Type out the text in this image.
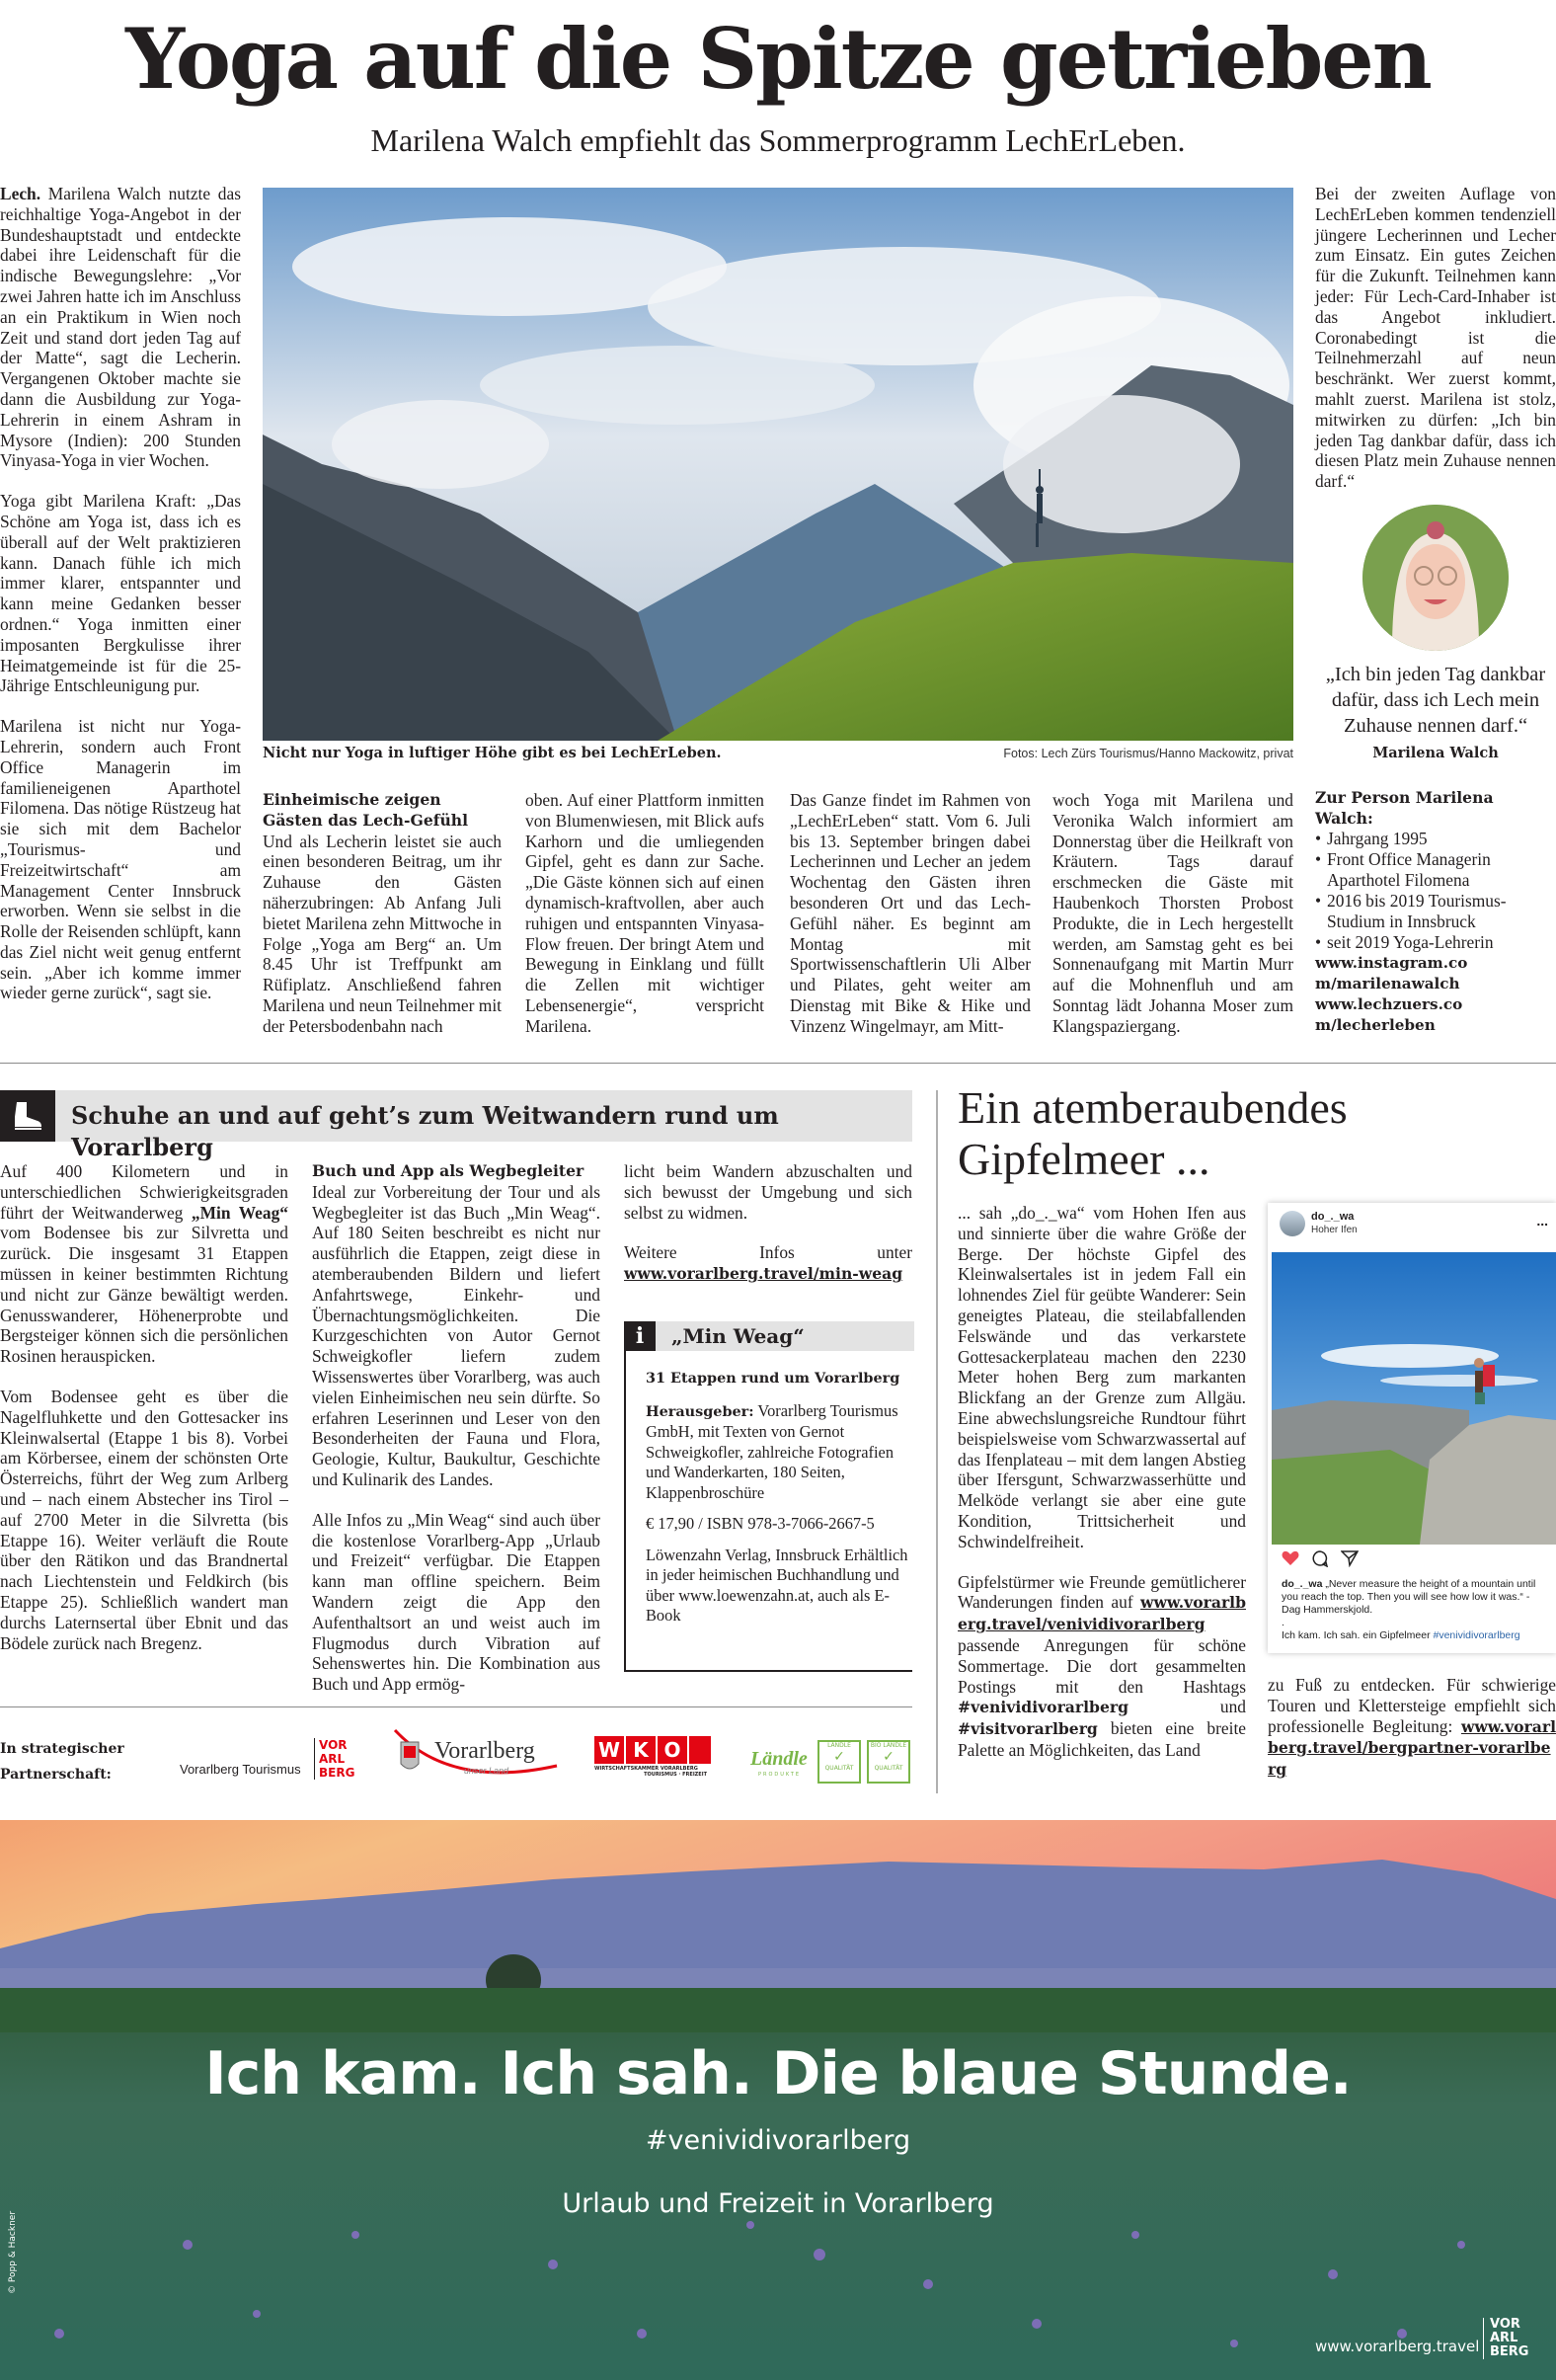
Yoga auf die Spitze getrieben
Marilena Walch empfiehlt das Sommerprogramm LechErLeben.

Lech. Marilena Walch nutzte das reichhaltige Yoga-Angebot in der Bundeshauptstadt und entdeckte dabei ihre Leidenschaft für die indische Bewegungslehre: „Vor zwei Jahren hatte ich im Anschluss an ein Praktikum in Wien noch Zeit und stand dort jeden Tag auf der Matte“, sagt die Lecherin. Vergangenen Oktober machte sie dann die Ausbildung zur Yoga-Lehrerin in einem Ashram in Mysore (Indien): 200 Stunden Vinyasa-Yoga in vier Wochen.

Yoga gibt Marilena Kraft: „Das Schöne am Yoga ist, dass ich es überall auf der Welt praktizieren kann. Danach fühle ich mich immer klarer, entspannter und kann meine Gedanken besser ordnen.“ Yoga inmitten einer imposanten Bergkulisse ihrer Heimatgemeinde ist für die 25-Jährige Entschleunigung pur.

Marilena ist nicht nur Yoga-Lehrerin, sondern auch Front Office Managerin im familieneigenen Aparthotel Filomena. Das nötige Rüstzeug hat sie sich mit dem Bachelor „Tourismus- und Freizeitwirtschaft“ am Management Center Innsbruck erworben. Wenn sie selbst in die Rolle der Reisenden schlüpft, kann das Ziel nicht weit genug entfernt sein. „Aber ich komme immer wieder gerne zurück“, sagt sie.

Nicht nur Yoga in luftiger Höhe gibt es bei LechErLeben.	Fotos: Lech Zürs Tourismus/Hanno Mackowitz, privat
Einheimische zeigen Gästen das Lech-Gefühl
Und als Lecherin leistet sie auch einen besonderen Beitrag, um ihr Zuhause den Gästen näherzubringen: Ab Anfang Juli bietet Marilena zehn Mittwoche in Folge „Yoga am Berg“ an. Um 8.45 Uhr ist Treffpunkt am Rüfiplatz. Anschließend fahren Marilena und neun Teilnehmer mit der Petersbodenbahn nach
oben. Auf einer Plattform inmitten von Blumenwiesen, mit Blick aufs Karhorn und die umliegenden Gipfel, geht es dann zur Sache. „Die Gäste können sich auf einen dynamisch-kraftvollen, aber auch ruhigen und entspannten Vinyasa-Flow freuen. Der bringt Atem und Bewegung in Einklang und füllt die Zellen mit wichtiger Lebensenergie“, verspricht Marilena.
Das Ganze findet im Rahmen von „LechErLeben“ statt. Vom 6. Juli bis 13. September bringen dabei Lecherinnen und Lecher an jedem Wochentag den Gästen ihren besonderen Ort und das Lech-Gefühl näher. Es beginnt am Montag mit Sportwissenschaftlerin Uli Alber und Pilates, geht weiter am Dienstag mit Bike & Hike und Vinzenz Wingelmayr, am Mitt-
woch Yoga mit Marilena und Veronika Walch informiert am Donnerstag über die Heilkraft von Kräutern. Tags darauf erschmecken die Gäste mit Haubenkoch Thorsten Probost Produkte, die in Lech hergestellt werden, am Samstag geht es bei Sonnenaufgang mit Martin Murr auf die Mohnenfluh und am Sonntag lädt Johanna Moser zum Klangspaziergang.
Bei der zweiten Auflage von LechErLeben kommen tendenziell jüngere Lecherinnen und Lecher zum Einsatz. Ein gutes Zeichen für die Zukunft. Teilnehmen kann jeder: Für Lech-Card-Inhaber ist das Angebot inkludiert. Coronabedingt ist die Teilnehmerzahl auf neun beschränkt. Wer zuerst kommt, mahlt zuerst. Marilena ist stolz, mitwirken zu dürfen: „Ich bin jeden Tag dankbar dafür, dass ich diesen Platz mein Zuhause nennen darf.“
„Ich bin jeden Tag dankbar dafür, dass ich Lech mein Zuhause nennen darf.“
Marilena Walch
Zur Person Marilena Walch:
• Jahrgang 1995
• Front Office Managerin Aparthotel Filomena
• 2016 bis 2019 Tourismus-Studium in Innsbruck
• seit 2019 Yoga-Lehrerin
www.instagram.com/marilenawalch
www.lechzuers.com/lecherleben
Schuhe an und auf geht’s zum Weitwandern rund um Vorarlberg

Auf 400 Kilometern und in unterschiedlichen Schwierigkeitsgraden führt der Weitwanderweg „Min Weag“ vom Bodensee bis zur Silvretta und zurück. Die insgesamt 31 Etappen müssen in keiner bestimmten Richtung und nicht zur Gänze bewältigt werden. Genusswanderer, Höhenerprobte und Bergsteiger können sich die persönlichen Rosinen herauspicken.

Vom Bodensee geht es über die Nagelfluhkette und den Gottesacker ins Kleinwalsertal (Etappe 1 bis 8). Vorbei am Körbersee, einem der schönsten Orte Österreichs, führt der Weg zum Arlberg und – nach einem Abstecher ins Tirol – auf 2700 Meter in die Silvretta (bis Etappe 16). Weiter verläuft die Route über den Rätikon und das Brandnertal nach Liechtenstein und Feldkirch (bis Etappe 25). Schließlich wandert man durchs Laternsertal über Ebnit und das Bödele zurück nach Bregenz.

Buch und App als Wegbegleiter

Ideal zur Vorbereitung der Tour und als Wegbegleiter ist das Buch „Min Weag“. Auf 180 Seiten beschreibt es nicht nur ausführlich die Etappen, zeigt diese in atemberaubenden Bildern und liefert Anfahrtswege, Einkehr- und Übernachtungsmöglichkeiten. Die Kurzgeschichten von Autor Gernot Schweigkofler liefern zudem Wissenswertes über Vorarlberg, was auch vielen Einheimischen neu sein dürfte. So erfahren Leserinnen und Leser von den Besonderheiten der Fauna und Flora, Geologie, Kultur, Baukultur, Geschichte und Kulinarik des Landes.

Alle Infos zu „Min Weag“ sind auch über die kostenlose Vorarlberg-App „Urlaub und Freizeit“ verfügbar. Die Etappen kann man offline speichern. Beim Wandern zeigt die App den Aufenthaltsort an und weist auch im Flugmodus durch Vibration auf Sehenswertes hin. Die Kombination aus Buch und App ermög-

licht beim Wandern abzuschalten und sich bewusst der Umgebung und sich selbst zu widmen.

Weitere Infos unter www.vorarlberg.travel/min-weag

i	„Min Weag“
31 Etappen rund um Vorarlberg

Herausgeber: Vorarlberg Tourismus GmbH, mit Texten von Gernot Schweigkofler, zahlreiche Fotografien und Wanderkarten, 180 Seiten, Klappenbroschüre

€ 17,90 / ISBN 978-3-7066-2667-5

Löwenzahn Verlag, Innsbruck Erhältlich in jeder heimischen Buchhandlung und über www.loewenzahn.at, auch als E-Book

In strategischer Partnerschaft:	Vorarlberg Tourismus
VOR
ARL
BERG
Vorarlberg
unser Land
W K O
WIRTSCHAFTSKAMMER VORARLBERG
TOURISMUS · FREIZEIT
Ländle
PRODUKTE
LÄNDLE
✓
QUALITÄT
BIO LÄNDLE
✓
QUALITÄT
Ein atemberaubendes Gipfelmeer ...

... sah „do_._wa“ vom Hohen Ifen aus und sinnierte über die wahre Größe der Berge. Der höchste Gipfel des Kleinwalsertales ist in jedem Fall ein lohnendes Ziel für geübte Wanderer: Sein geneigtes Plateau, die steilabfallenden Felswände und das verkarstete Gottesackerplateau machen den 2230 Meter hohen Berg zum markanten Blickfang an der Grenze zum Allgäu. Eine abwechslungsreiche Rundtour führt beispielsweise vom Schwarzwassertal auf das Ifenplateau – mit dem langen Abstieg über Ifersgunt, Schwarzwasserhütte und Melköde verlangt sie aber eine gute Kondition, Trittsicherheit und Schwindelfreiheit.

Gipfelstürmer wie Freunde gemütlicherer Wanderungen finden auf www.vorarlberg.travel/venividivorarlberg passende Anregungen für schöne Sommertage. Die dort gesammelten Postings mit den Hashtags #venividivorarlberg und #visitvorarlberg bieten eine breite Palette an Möglichkeiten, das Land

do_._wa
Hoher Ifen
...
do_._wa „Never measure the height of a mountain until you reach the top. Then you will see how low it was.“ -Dag Hammerskjold.
.
Ich kam. Ich sah. ein Gipfelmeer #venividivorarlberg

zu Fuß zu entdecken. Für schwierige Touren und Klettersteige empfiehlt sich professionelle Begleitung: www.vorarlberg.travel/bergpartner-vorarlberg

Ich kam. Ich sah. Die blaue Stunde.
#venividivorarlberg
Urlaub und Freizeit in Vorarlberg
www.vorarlberg.travel
VOR
ARL
BERG
© Popp & Hackner
